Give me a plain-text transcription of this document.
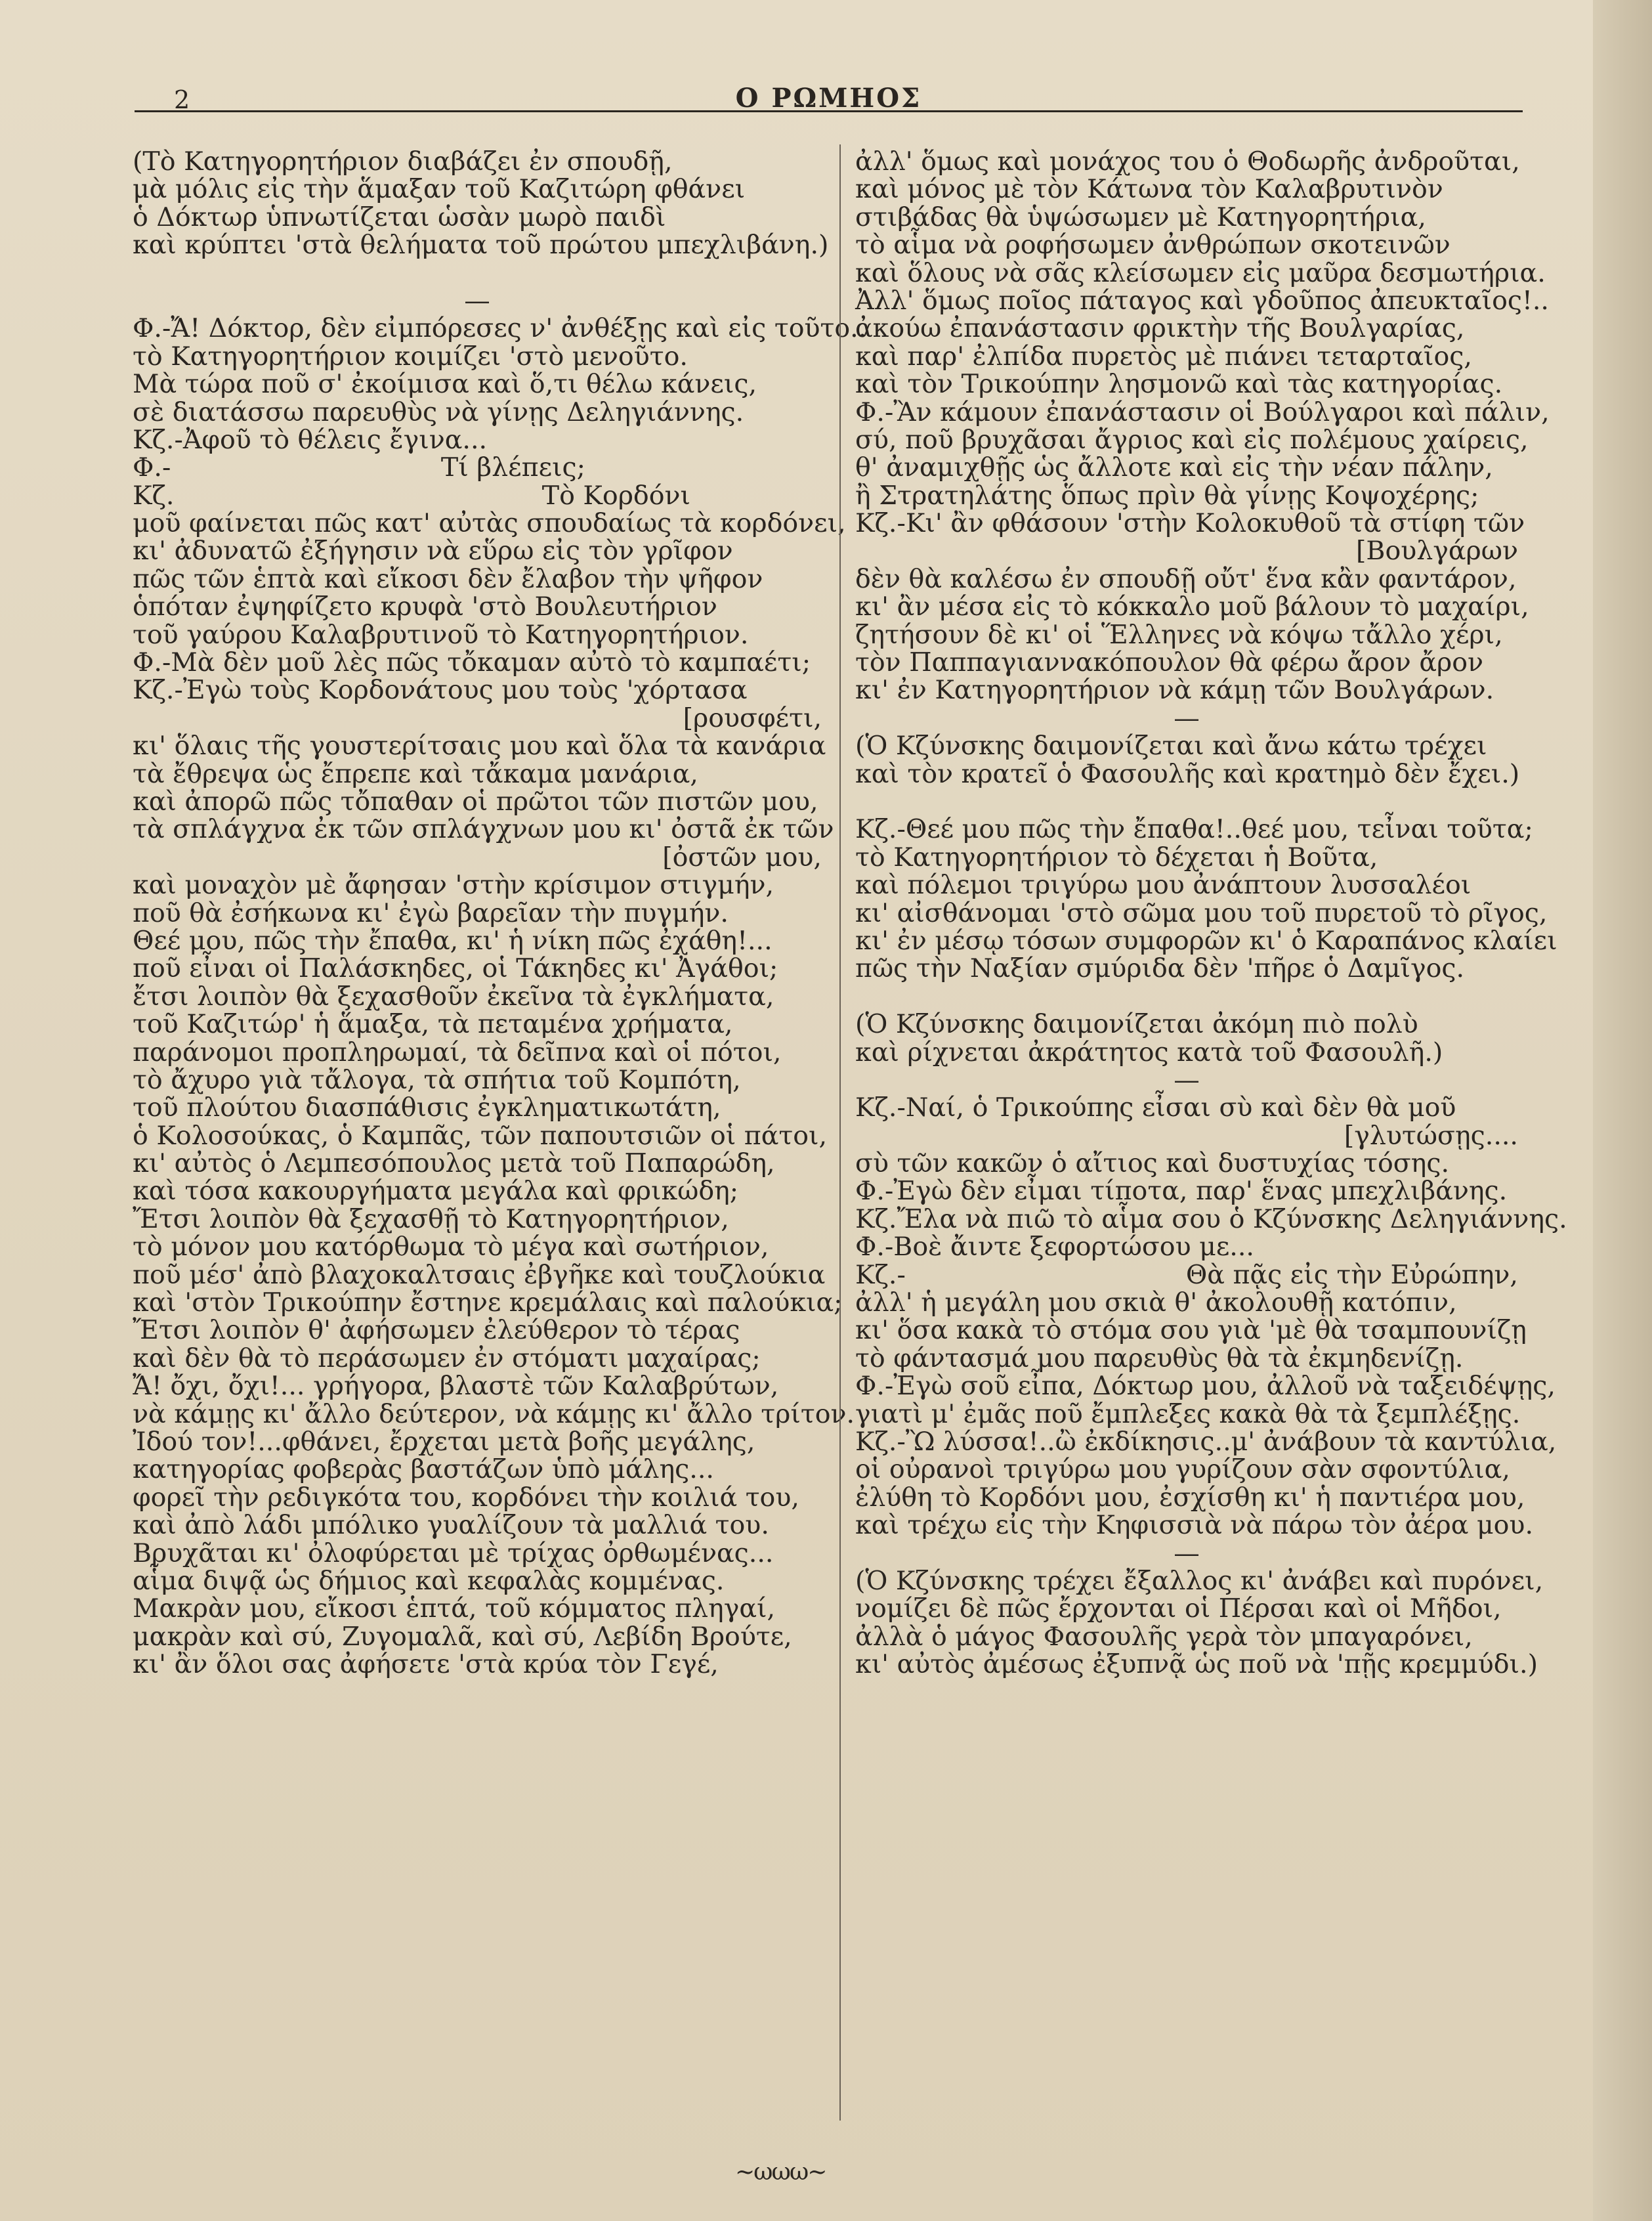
2	Ο ΡΩΜΗΟΣ
(Τὸ Κατηγορητήριον διαβάζει ἐν σπουδῇ,
μὰ μόλις εἰς τὴν ἅμαξαν τοῦ Καζιτώρη φθάνει
ὁ Δόκτωρ ὑπνωτίζεται ὡσὰν μωρὸ παιδὶ
καὶ κρύπτει 'στὰ θελήματα τοῦ πρώτου μπεχλιβάνη.)
—
Φ.-Ἄ! Δόκτορ, δὲν εἰμπόρεσες ν' ἀνθέξῃς καὶ εἰς τοῦτο..
τὸ Κατηγορητήριον κοιμίζει 'στὸ μενοῦτο.
Μὰ τώρα ποῦ σ' ἐκοίμισα καὶ ὅ,τι θέλω κάνεις,
σὲ διατάσσω παρευθὺς νὰ γίνῃς Δεληγιάννης.
Κζ.-Ἀφοῦ τὸ θέλεις ἔγινα...
Φ.-	Τί βλέπεις;
Κζ.	Τὸ Κορδόνι
μοῦ φαίνεται πῶς κατ' αὐτὰς σπουδαίως τὰ κορδόνει,
κι' ἀδυνατῶ ἐξήγησιν νὰ εὕρω εἰς τὸν γρῖφον
πῶς τῶν ἑπτὰ καὶ εἴκοσι δὲν ἔλαβον τὴν ψῆφον
ὁπόταν ἐψηφίζετο κρυφὰ 'στὸ Βουλευτήριον
τοῦ γαύρου Καλαβρυτινοῦ τὸ Κατηγορητήριον.
Φ.-Μὰ δὲν μοῦ λὲς πῶς τὄκαμαν αὐτὸ τὸ καμπαέτι;
Κζ.-Ἐγὼ τοὺς Κορδονάτους μου τοὺς 'χόρτασα
[ρουσφέτι,
κι' ὅλαις τῆς γουστερίτσαις μου καὶ ὅλα τὰ κανάρια
τὰ ἔθρεψα ὡς ἔπρεπε καὶ τἄκαμα μανάρια,
καὶ ἀπορῶ πῶς τὄπαθαν οἱ πρῶτοι τῶν πιστῶν μου,
τὰ σπλάγχνα ἐκ τῶν σπλάγχνων μου κι' ὀστᾶ ἐκ τῶν
[ὀστῶν μου,
καὶ μοναχὸν μὲ ἄφησαν 'στὴν κρίσιμον στιγμήν,
ποῦ θὰ ἐσήκωνα κι' ἐγὼ βαρεῖαν τὴν πυγμήν.
Θεέ μου, πῶς τὴν ἔπαθα, κι' ἡ νίκη πῶς ἐχάθη!...
ποῦ εἶναι οἱ Παλάσκηδες, οἱ Τάκηδες κι' Ἀγάθοι;
ἔτσι λοιπὸν θὰ ξεχασθοῦν ἐκεῖνα τὰ ἐγκλήματα,
τοῦ Καζιτώρ' ἡ ἅμαξα, τὰ πεταμένα χρήματα,
παράνομοι προπληρωμαί, τὰ δεῖπνα καὶ οἱ πότοι,
τὸ ἄχυρο γιὰ τἄλογα, τὰ σπήτια τοῦ Κομπότη,
τοῦ πλούτου διασπάθισις ἐγκληματικωτάτη,
ὁ Κολοσούκας, ὁ Καμπᾶς, τῶν παπουτσιῶν οἱ πάτοι,
κι' αὐτὸς ὁ Λεμπεσόπουλος μετὰ τοῦ Παπαρώδη,
καὶ τόσα κακουργήματα μεγάλα καὶ φρικώδη;
Ἔτσι λοιπὸν θὰ ξεχασθῇ τὸ Κατηγορητήριον,
τὸ μόνον μου κατόρθωμα τὸ μέγα καὶ σωτήριον,
ποῦ μέσ' ἀπὸ βλαχοκαλτσαις ἐβγῆκε καὶ τουζλούκια
καὶ 'στὸν Τρικούπην ἔστηνε κρεμάλαις καὶ παλούκια;
Ἔτσι λοιπὸν θ' ἀφήσωμεν ἐλεύθερον τὸ τέρας
καὶ δὲν θὰ τὸ περάσωμεν ἐν στόματι μαχαίρας;
Ἄ! ὄχι, ὄχι!... γρήγορα, βλαστὲ τῶν Καλαβρύτων,
νὰ κάμῃς κι' ἄλλο δεύτερον, νὰ κάμῃς κι' ἄλλο τρίτον.
Ἰδού τον!...φθάνει, ἔρχεται μετὰ βοῆς μεγάλης,
κατηγορίας φοβερὰς βαστάζων ὑπὸ μάλης...
φορεῖ τὴν ρεδιγκότα του, κορδόνει τὴν κοιλιά του,
καὶ ἀπὸ λάδι μπόλικο γυαλίζουν τὰ μαλλιά του.
Βρυχᾶται κι' ὀλοφύρεται μὲ τρίχας ὀρθωμένας...
αἷμα διψᾷ ὡς δήμιος καὶ κεφαλὰς κομμένας.
Μακρὰν μου, εἴκοσι ἑπτά, τοῦ κόμματος πληγαί,
μακρὰν καὶ σύ, Ζυγομαλᾶ, καὶ σύ, Λεβίδη Βρούτε,
κι' ἂν ὅλοι σας ἀφήσετε 'στὰ κρύα τὸν Γεγέ,
ἀλλ' ὅμως καὶ μονάχος του ὁ Θοδωρῆς ἀνδροῦται,
καὶ μόνος μὲ τὸν Κάτωνα τὸν Καλαβρυτινὸν
στιβάδας θὰ ὑψώσωμεν μὲ Κατηγορητήρια,
τὸ αἷμα νὰ ροφήσωμεν ἀνθρώπων σκοτεινῶν
καὶ ὅλους νὰ σᾶς κλείσωμεν εἰς μαῦρα δεσμωτήρια.
Ἀλλ' ὅμως ποῖος πάταγος καὶ γδοῦπος ἀπευκταῖος!..
ἀκούω ἐπανάστασιν φρικτὴν τῆς Βουλγαρίας,
καὶ παρ' ἐλπίδα πυρετὸς μὲ πιάνει τεταρταῖος,
καὶ τὸν Τρικούπην λησμονῶ καὶ τὰς κατηγορίας.
Φ.-Ἂν κάμουν ἐπανάστασιν οἱ Βούλγαροι καὶ πάλιν,
σύ, ποῦ βρυχᾶσαι ἄγριος καὶ εἰς πολέμους χαίρεις,
θ' ἀναμιχθῇς ὡς ἄλλοτε καὶ εἰς τὴν νέαν πάλην,
ἢ Στρατηλάτης ὅπως πρὶν θὰ γίνῃς Κοψοχέρης;
Κζ.-Κι' ἂν φθάσουν 'στὴν Κολοκυθοῦ τὰ στίφη τῶν
[Βουλγάρων
δὲν θὰ καλέσω ἐν σπουδῇ οὔτ' ἕνα κἂν φαντάρον,
κι' ἂν μέσα εἰς τὸ κόκκαλο μοῦ βάλουν τὸ μαχαίρι,
ζητήσουν δὲ κι' οἱ Ἕλληνες νὰ κόψω τἄλλο χέρι,
τὸν Παππαγιαννακόπουλον θὰ φέρω ἄρον ἄρον
κι' ἐν Κατηγορητήριον νὰ κάμῃ τῶν Βουλγάρων.
—
(Ὁ Κζύνσκης δαιμονίζεται καὶ ἄνω κάτω τρέχει
καὶ τὸν κρατεῖ ὁ Φασουλῆς καὶ κρατημὸ δὲν ἔχει.)
Κζ.-Θεέ μου πῶς τὴν ἔπαθα!..θεέ μου, τεἶναι τοῦτα;
τὸ Κατηγορητήριον τὸ δέχεται ἡ Βοῦτα,
καὶ πόλεμοι τριγύρω μου ἀνάπτουν λυσσαλέοι
κι' αἰσθάνομαι 'στὸ σῶμα μου τοῦ πυρετοῦ τὸ ρῖγος,
κι' ἐν μέσῳ τόσων συμφορῶν κι' ὁ Καραπάνος κλαίει
πῶς τὴν Ναξίαν σμύριδα δὲν 'πῆρε ὁ Δαμῖγος.
(Ὁ Κζύνσκης δαιμονίζεται ἀκόμη πιὸ πολὺ
καὶ ρίχνεται ἀκράτητος κατὰ τοῦ Φασουλῆ.)
—
Κζ.-Ναί, ὁ Τρικούπης εἶσαι σὺ καὶ δὲν θὰ μοῦ
[γλυτώσῃς....
σὺ τῶν κακῶν ὁ αἴτιος καὶ δυστυχίας τόσης.
Φ.-Ἐγὼ δὲν εἶμαι τίποτα, παρ' ἕνας μπεχλιβάνης.
Κζ.Ἔλα νὰ πιῶ τὸ αἷμα σου ὁ Κζύνσκης Δεληγιάννης.
Φ.-Βοὲ ἄιντε ξεφορτώσου με...
Κζ.-	Θὰ πᾷς εἰς τὴν Εὐρώπην,
ἀλλ' ἡ μεγάλη μου σκιὰ θ' ἀκολουθῇ κατόπιν,
κι' ὅσα κακὰ τὸ στόμα σου γιὰ 'μὲ θὰ τσαμπουνίζῃ
τὸ φάντασμά μου παρευθὺς θὰ τὰ ἐκμηδενίζῃ.
Φ.-Ἐγὼ σοῦ εἶπα, Δόκτωρ μου, ἀλλοῦ νὰ ταξειδέψῃς,
γιατὶ μ' ἐμᾶς ποῦ ἔμπλεξες κακὰ θὰ τὰ ξεμπλέξῃς.
Κζ.-Ὢ λύσσα!..ὢ ἐκδίκησις..μ' ἀνάβουν τὰ καντύλια,
οἱ οὐρανοὶ τριγύρω μου γυρίζουν σὰν σφοντύλια,
ἐλύθη τὸ Κορδόνι μου, ἐσχίσθη κι' ἡ παντιέρα μου,
καὶ τρέχω εἰς τὴν Κηφισσιὰ νὰ πάρω τὸν ἀέρα μου.
—
(Ὁ Κζύνσκης τρέχει ἔξαλλος κι' ἀνάβει καὶ πυρόνει,
νομίζει δὲ πῶς ἔρχονται οἱ Πέρσαι καὶ οἱ Μῆδοι,
ἀλλὰ ὁ μάγος Φασουλῆς γερὰ τὸν μπαγαρόνει,
κι' αὐτὸς ἀμέσως ἐξυπνᾷ ὡς ποῦ νὰ 'πῇς κρεμμύδι.)
~ωωω~
